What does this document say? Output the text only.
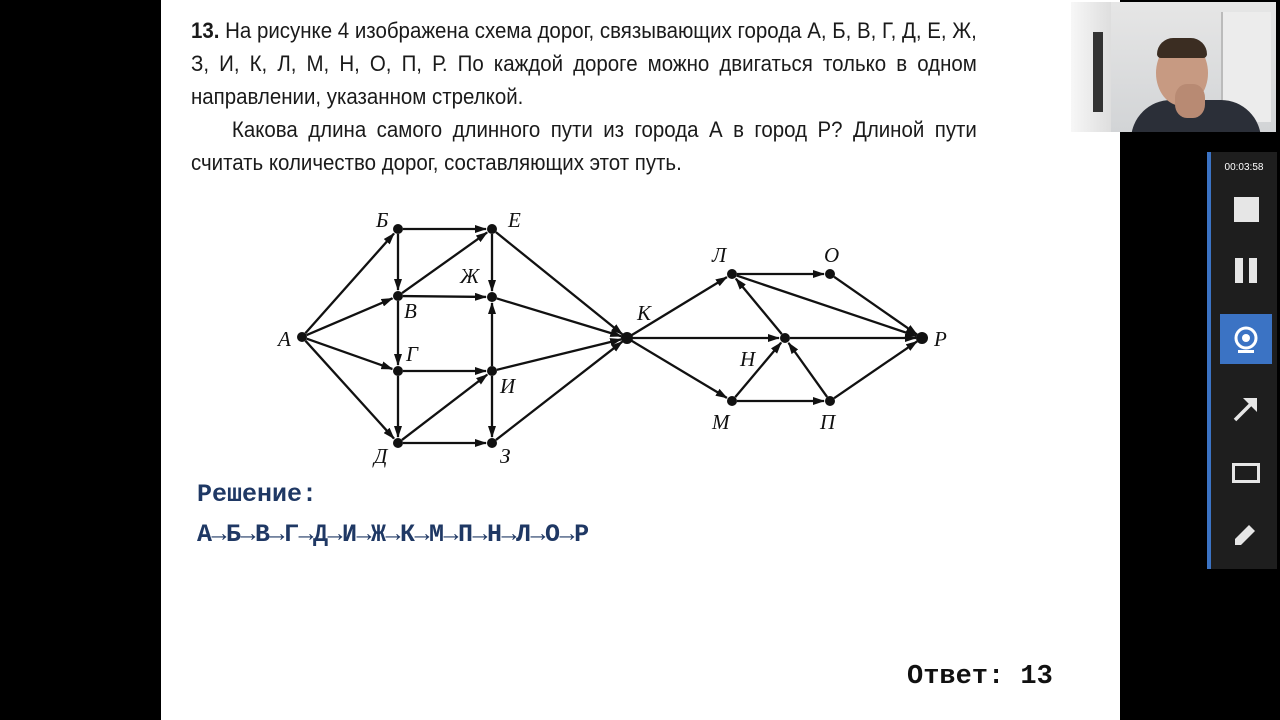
13. На рисунке 4 изображена схема дорог, связывающих города А, Б, В, Г, Д, Е, Ж, З, И, К, Л, М, Н, О, П, Р. По каждой дороге можно двигаться только в одном направлении, указанном стрелкой.

Какова длина самого длинного пути из города А в город Р? Длиной пути считать количество дорог, составляющих этот путь.

А
Б
В
Г
Д
Е
Ж
И
З
К
Л	О
Н
М	П
Р
Решение:
А→Б→В→Г→Д→И→Ж→К→М→П→Н→Л→О→Р
Ответ: 13
00:03:58
